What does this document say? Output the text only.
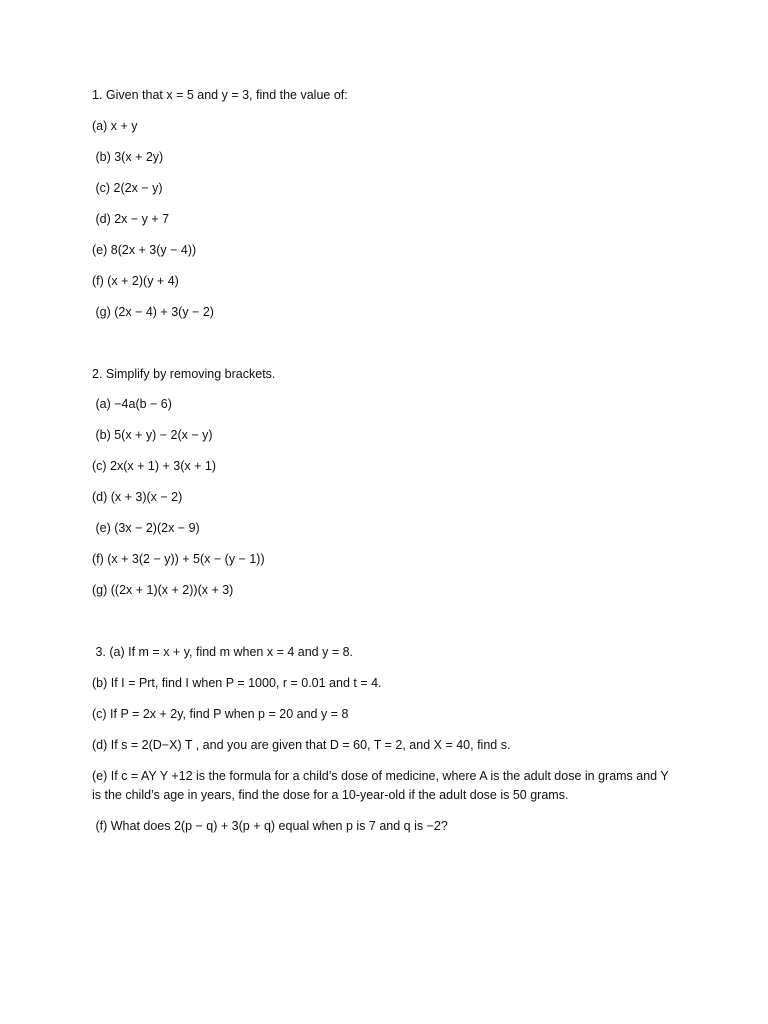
1. Given that x = 5 and y = 3, find the value of:
(a) x + y
(b) 3(x + 2y)
(c) 2(2x − y)
(d) 2x − y + 7
(e) 8(2x + 3(y − 4))
(f) (x + 2)(y + 4)
(g) (2x − 4) + 3(y − 2)
2. Simplify by removing brackets.
(a) −4a(b − 6)
(b) 5(x + y) − 2(x − y)
(c) 2x(x + 1) + 3(x + 1)
(d) (x + 3)(x − 2)
(e) (3x − 2)(2x − 9)
(f) (x + 3(2 − y)) + 5(x − (y − 1))
(g) ((2x + 1)(x + 2))(x + 3)
3. (a) If m = x + y, find m when x = 4 and y = 8.
(b) If I = Prt, find I when P = 1000, r = 0.01 and t = 4.
(c) If P = 2x + 2y, find P when p = 20 and y = 8
(d) If s = 2(D−X) T , and you are given that D = 60, T = 2, and X = 40, find s.
(e) If c = AY Y +12 is the formula for a child’s dose of medicine, where A is the adult dose in grams and Y is the child’s age in years, find the dose for a 10-year-old if the adult dose is 50 grams.
(f) What does 2(p − q) + 3(p + q) equal when p is 7 and q is −2?
